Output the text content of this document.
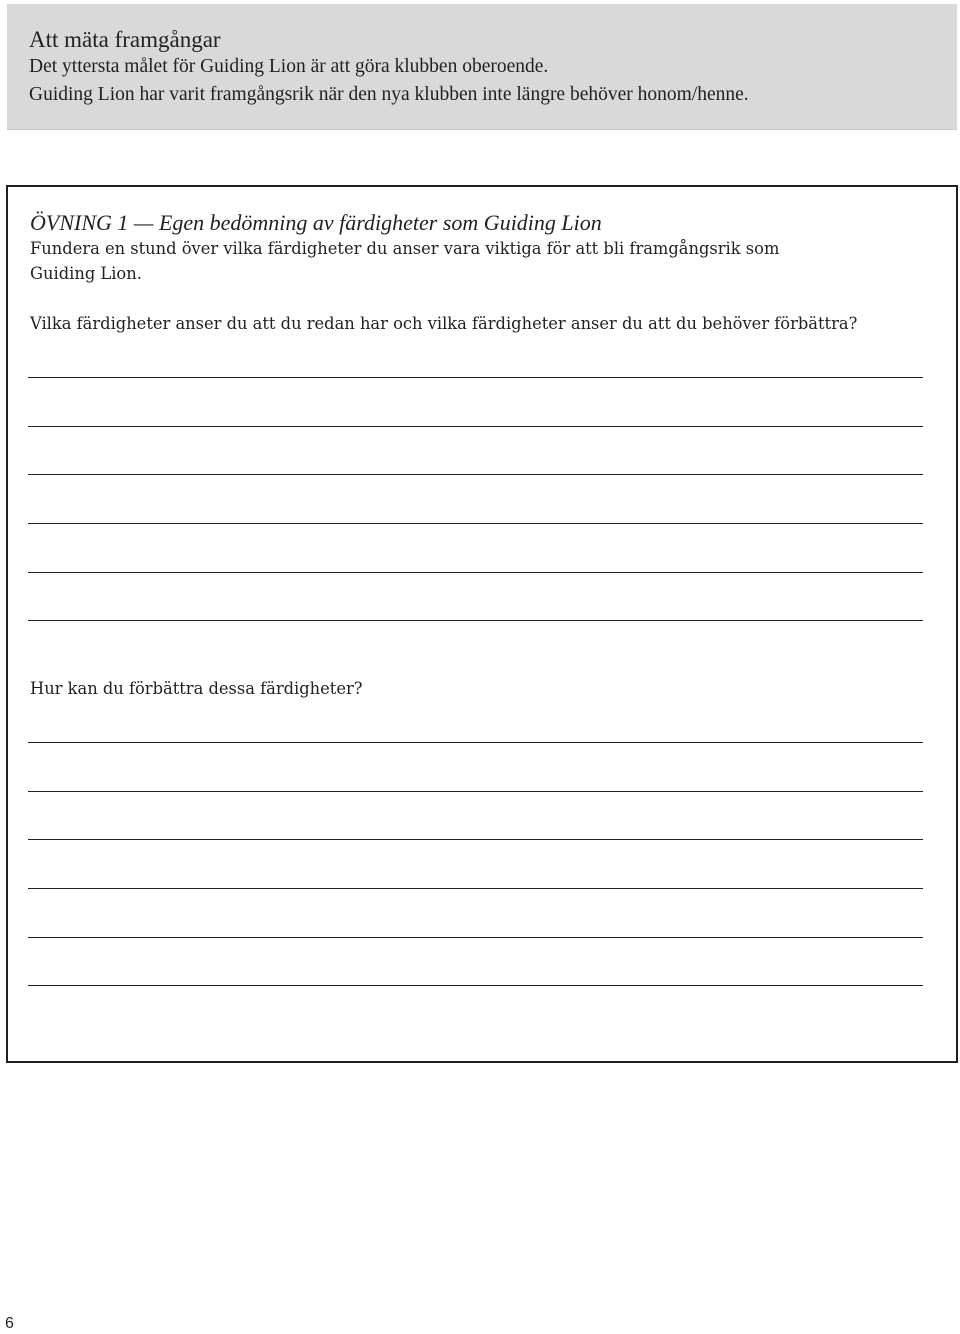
Att mäta framgångar
Det yttersta målet för Guiding Lion är att göra klubben oberoende.
Guiding Lion har varit framgångsrik när den nya klubben inte längre behöver honom/henne.
ÖVNING 1 — Egen bedömning av färdigheter som Guiding Lion
Fundera en stund över vilka färdigheter du anser vara viktiga för att bli framgångsrik som
Guiding Lion.
Vilka färdigheter anser du att du redan har och vilka färdigheter anser du att du behöver förbättra?
Hur kan du förbättra dessa färdigheter?
6
